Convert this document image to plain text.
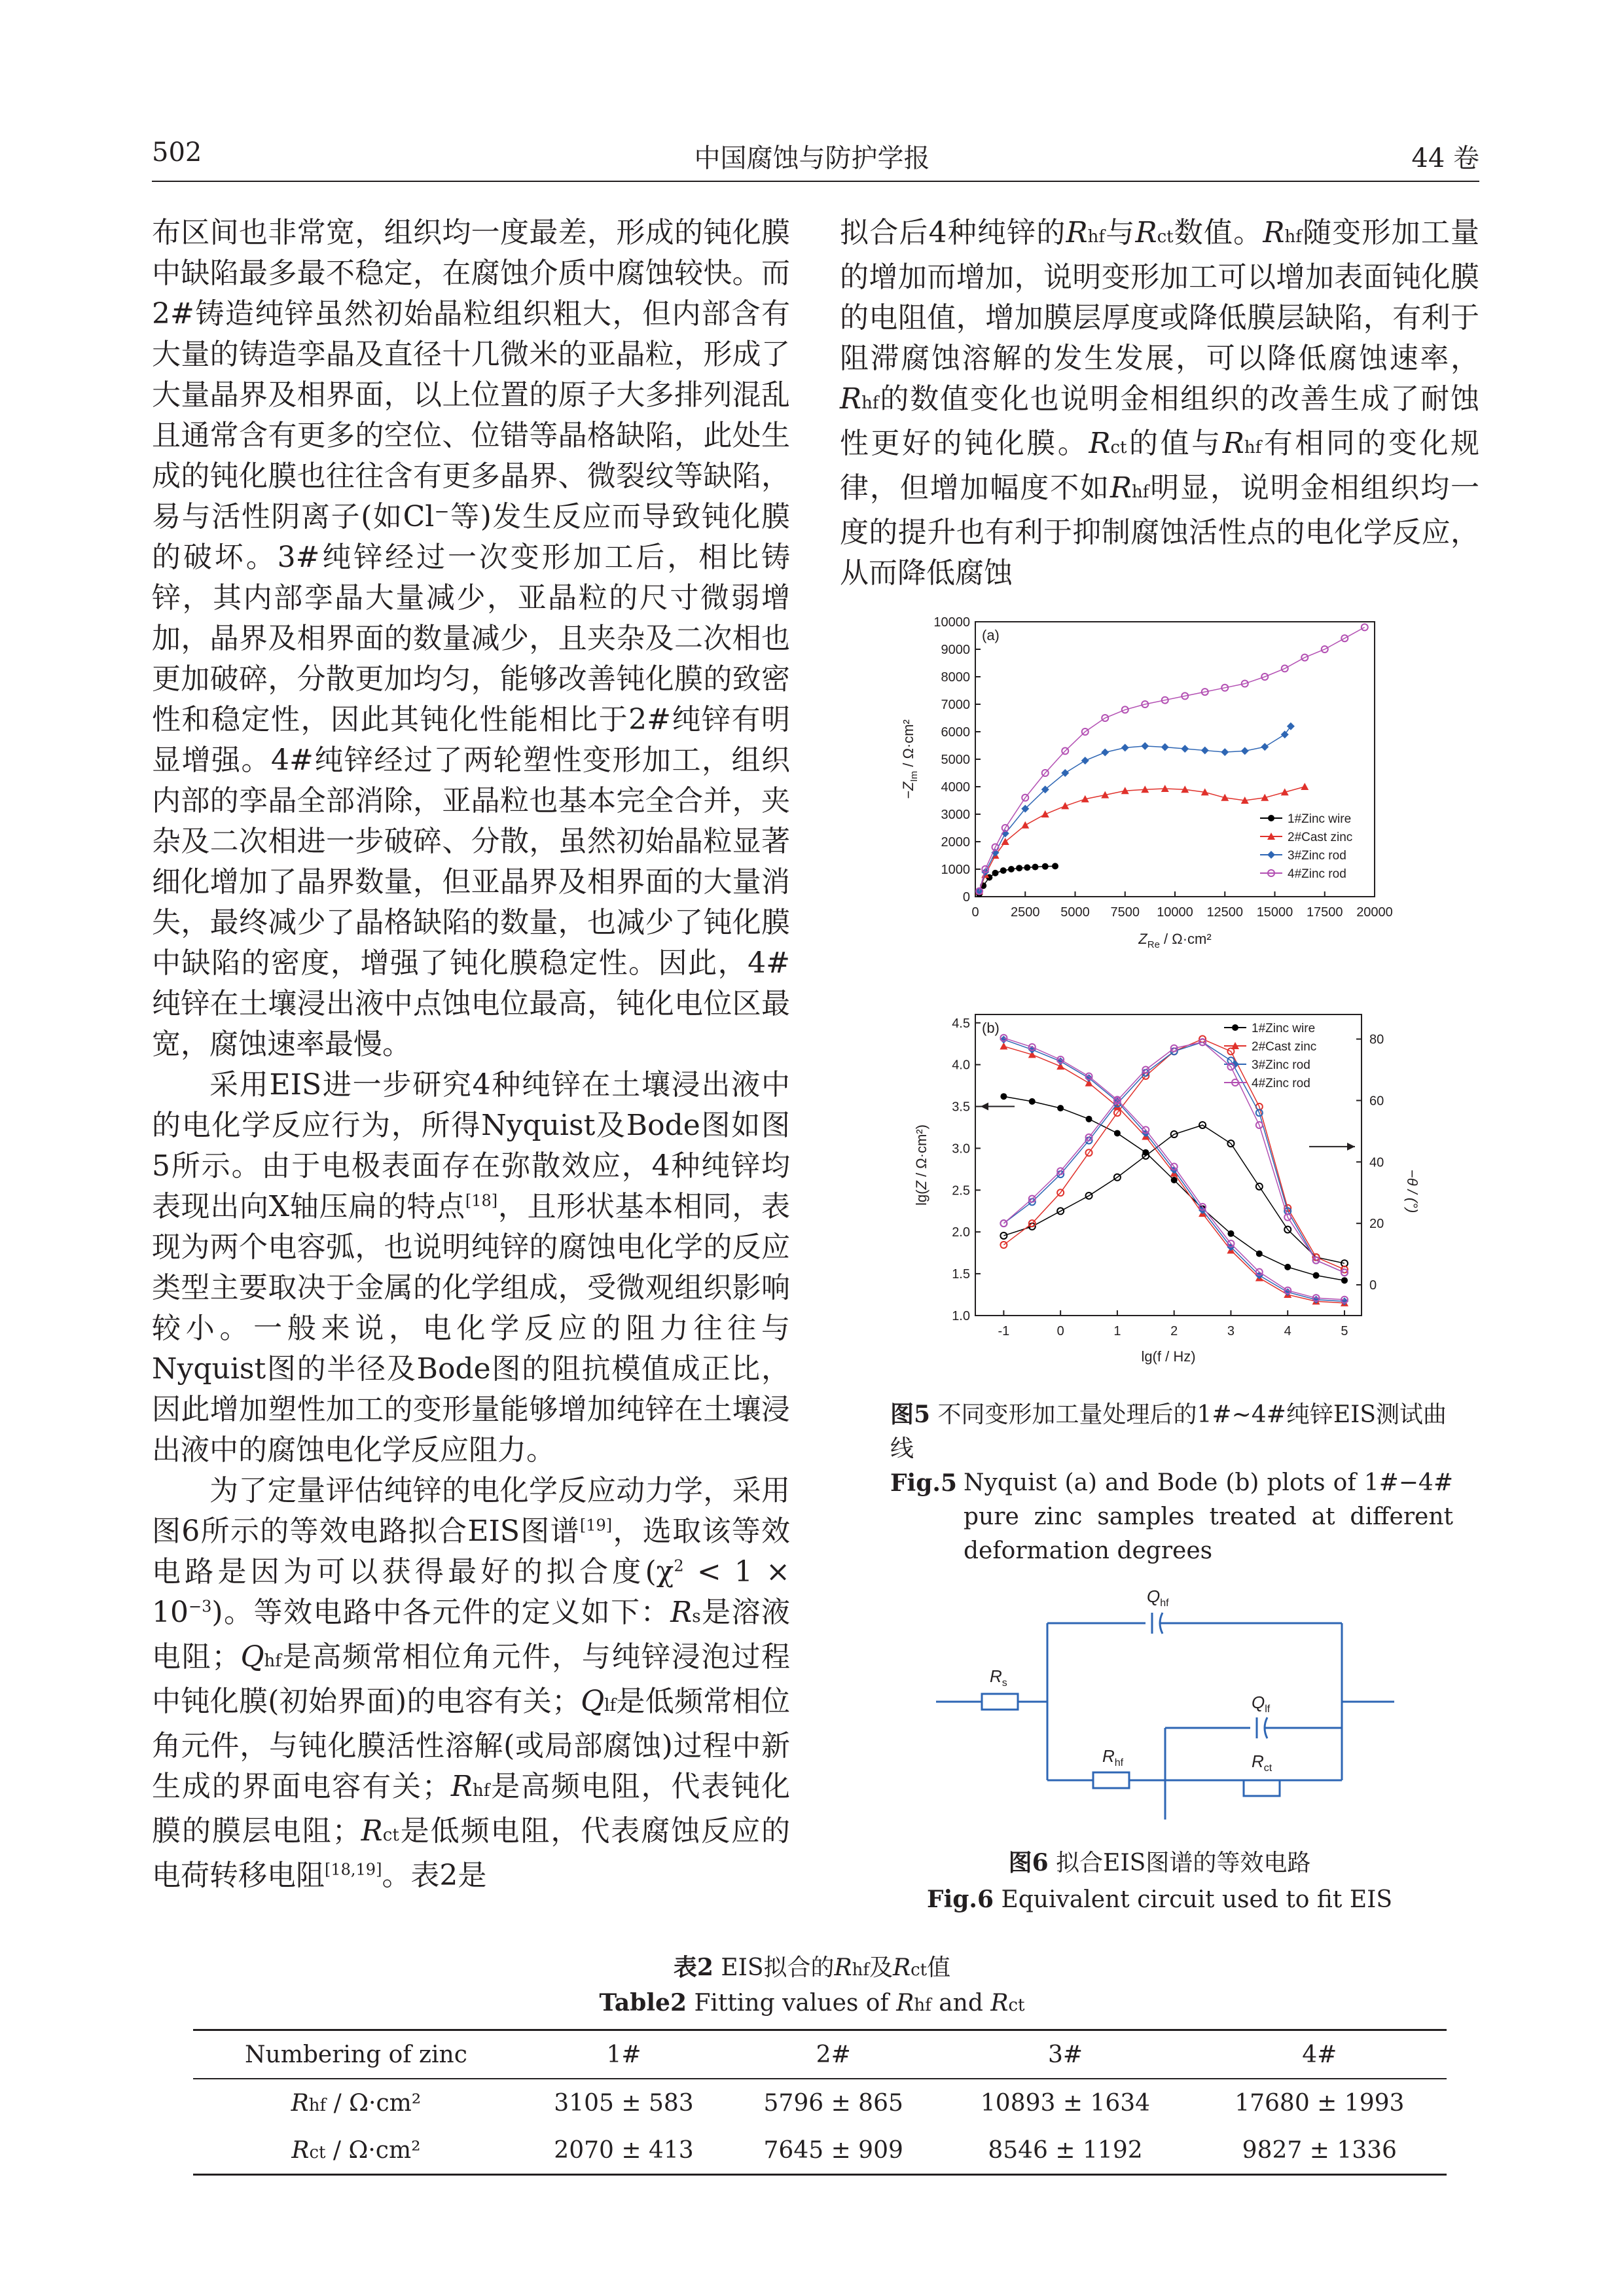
502	中国腐蚀与防护学报	44 卷

布区间也非常宽，组织均一度最差，形成的钝化膜中缺陷最多最不稳定，在腐蚀介质中腐蚀较快。而2#铸造纯锌虽然初始晶粒组织粗大，但内部含有大量的铸造孪晶及直径十几微米的亚晶粒，形成了大量晶界及相界面，以上位置的原子大多排列混乱且通常含有更多的空位、位错等晶格缺陷，此处生成的钝化膜也往往含有更多晶界、微裂纹等缺陷，易与活性阴离子(如Cl⁻等)发生反应而导致钝化膜的破坏。3#纯锌经过一次变形加工后，相比铸锌，其内部孪晶大量减少，亚晶粒的尺寸微弱增加，晶界及相界面的数量减少，且夹杂及二次相也更加破碎，分散更加均匀，能够改善钝化膜的致密性和稳定性，因此其钝化性能相比于2#纯锌有明显增强。4#纯锌经过了两轮塑性变形加工，组织内部的孪晶全部消除，亚晶粒也基本完全合并，夹杂及二次相进一步破碎、分散，虽然初始晶粒显著细化增加了晶界数量，但亚晶界及相界面的大量消失，最终减少了晶格缺陷的数量，也减少了钝化膜中缺陷的密度，增强了钝化膜稳定性。因此，4#纯锌在土壤浸出液中点蚀电位最高，钝化电位区最宽，腐蚀速率最慢。

采用EIS进一步研究4种纯锌在土壤浸出液中的电化学反应行为，所得Nyquist及Bode图如图5所示。由于电极表面存在弥散效应，4种纯锌均表现出向X轴压扁的特点[18]，且形状基本相同，表现为两个电容弧，也说明纯锌的腐蚀电化学的反应类型主要取决于金属的化学组成，受微观组织影响较小。一般来说，电化学反应的阻力往往与Nyquist图的半径及Bode图的阻抗模值成正比，因此增加塑性加工的变形量能够增加纯锌在土壤浸出液中的腐蚀电化学反应阻力。

为了定量评估纯锌的电化学反应动力学，采用图6所示的等效电路拟合EIS图谱[19]，选取该等效电路是因为可以获得最好的拟合度$(\chi^2 < 1 \times 10^{-3})$。等效电路中各元件的定义如下：Rs是溶液电阻；Qhf是高频常相位角元件，与纯锌浸泡过程中钝化膜(初始界面)的电容有关；Qlf是低频常相位角元件，与钝化膜活性溶解(或局部腐蚀)过程中新生成的界面电容有关；Rhf是高频电阻，代表钝化膜的膜层电阻；Rct是低频电阻，代表腐蚀反应的电荷转移电阻[18,19]。表2是

拟合后4种纯锌的Rhf与Rct数值。Rhf随变形加工量的增加而增加，说明变形加工可以增加表面钝化膜的电阻值，增加膜层厚度或降低膜层缺陷，有利于阻滞腐蚀溶解的发生发展，可以降低腐蚀速率，Rhf的数值变化也说明金相组织的改善生成了耐蚀性更好的钝化膜。Rct的值与Rhf有相同的变化规律，但增加幅度不如Rhf明显，说明金相组织均一度的提升也有利于抑制腐蚀活性点的电化学反应，从而降低腐蚀

0 2500 5000 7500 10000 12500 15000 17500 20000
0
1000
2000
3000
4000
5000
6000
7000
8000
9000
10000
(a)
$Z_{Re} / \Omega\cdot cm^2$
$-Z_{Im} / \Omega\cdot cm^2$
1#Zinc wire
2#Cast zinc
3#Zinc rod
4#Zinc rod
-1	0	1	2	3	4	5
1.0
1.5
2.0
2.5
3.0
3.5
4.0
4.5
0
20
40
60
80
(b)
lg(f / Hz)
lg(Z / Ω·cm²)
−θ / (°)
1#Zinc wire
2#Cast zinc
3#Zinc rod
4#Zinc rod
图5 不同变形加工量处理后的1#~4#纯锌EIS测试曲线
Fig.5 Nyquist (a) and Bode (b) plots of 1#−4# pure zinc samples treated at different deformation degrees
$R_s$
$Q_{hf}$
$R_{hf}$
$Q_{lf}$
$R_{ct}$
图6 拟合EIS图谱的等效电路
Fig.6 Equivalent circuit used to fit EIS
表2 EIS拟合的Rhf及Rct值
Table2 Fitting values of Rhf and Rct
Numbering of zinc	1#	2#	3#	4#
Rhf / Ω·cm²	3105 ± 583	5796 ± 865	10893 ± 1634	17680 ± 1993
Rct / Ω·cm²	2070 ± 413	7645 ± 909	8546 ± 1192	9827 ± 1336
